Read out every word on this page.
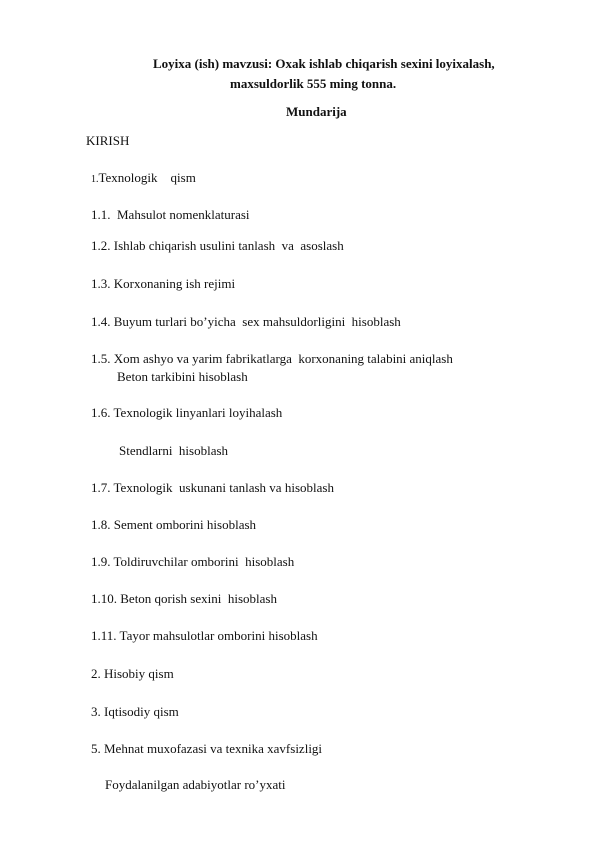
Loyixa (ish) mavzusi: Oxak ishlab chiqarish sexini loyixalash,
maxsuldorlik 555 ming tonna.
Mundarija
KIRISH
1.Texnologik    qism
1.1.  Mahsulot nomenklaturasi
1.2. Ishlab chiqarish usulini tanlash  va  asoslash
1.3. Korxonaning ish rejimi
1.4. Buyum turlari bo’yicha  sex mahsuldorligini  hisoblash
1.5. Xom ashyo va yarim fabrikatlarga  korxonaning talabini aniqlash
Beton tarkibini hisoblash
1.6. Texnologik linyanlari loyihalash
Stendlarni  hisoblash
1.7. Texnologik  uskunani tanlash va hisoblash
1.8. Sement omborini hisoblash
1.9. Toldiruvchilar omborini  hisoblash
1.10. Beton qorish sexini  hisoblash
1.11. Tayor mahsulotlar omborini hisoblash
2. Hisobiy qism
3. Iqtisodiy qism
5. Mehnat muxofazasi va texnika xavfsizligi
Foydalanilgan adabiyotlar ro’yxati
